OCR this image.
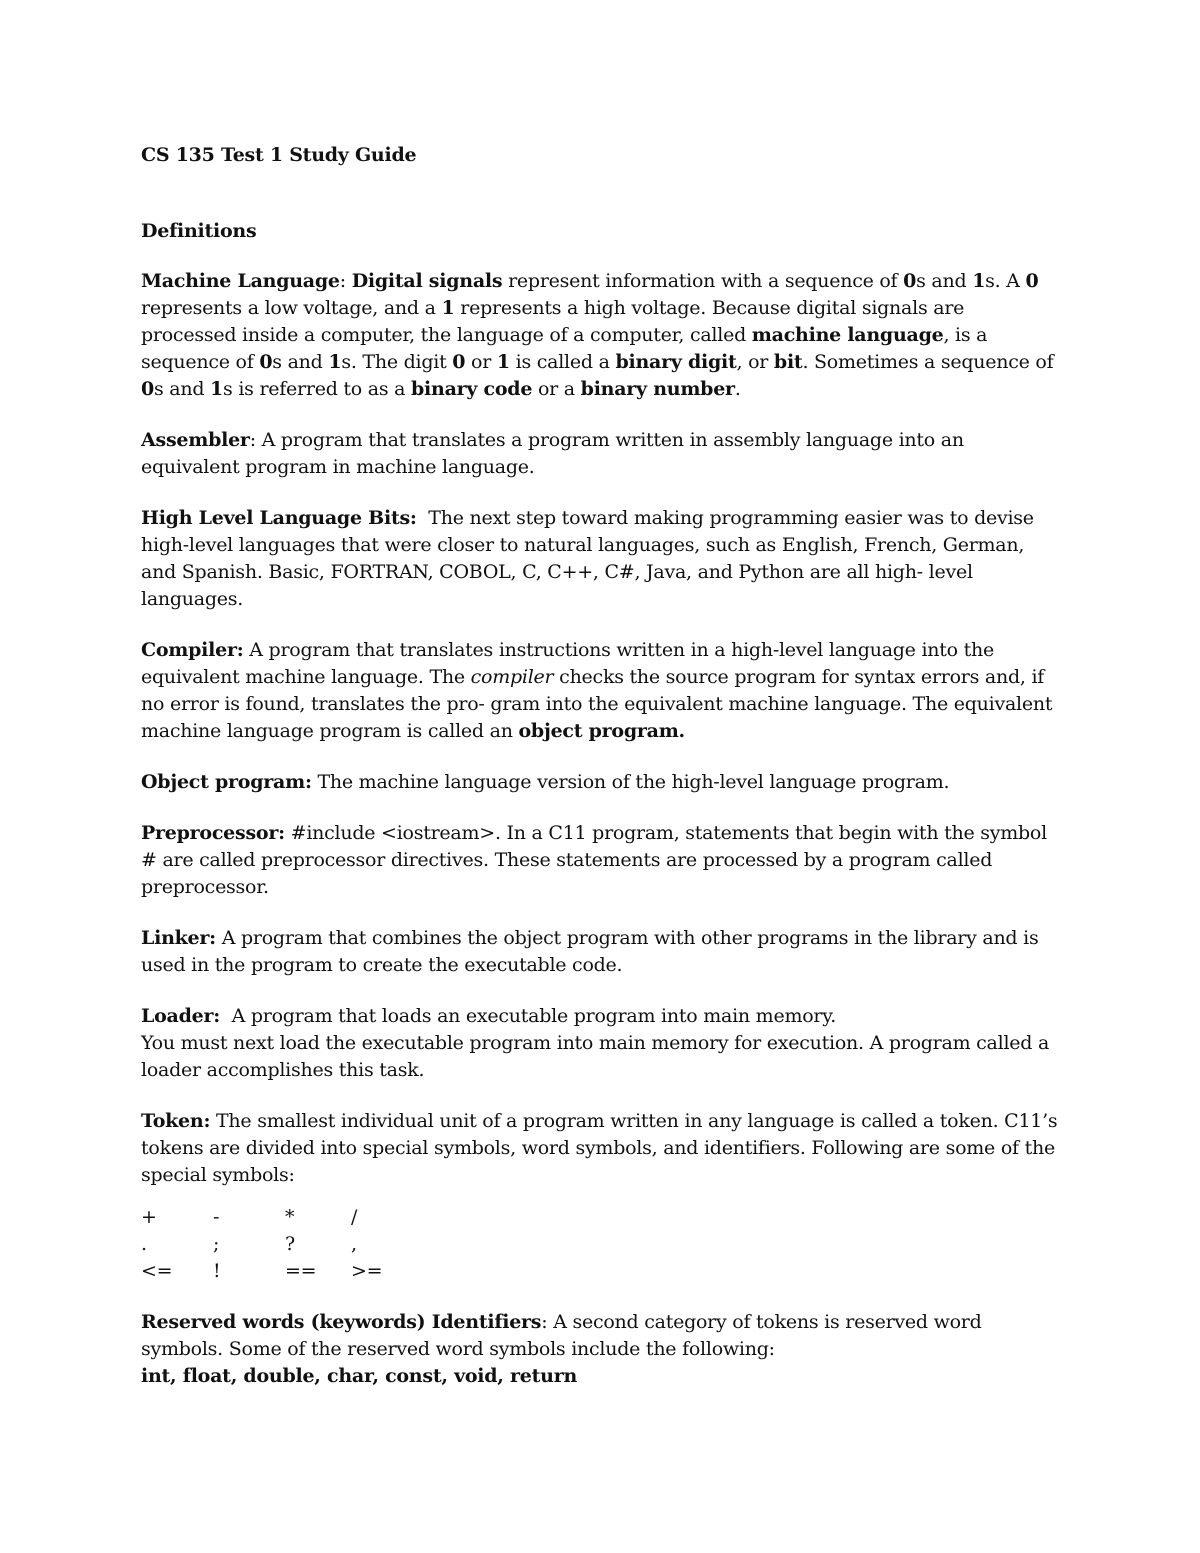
CS 135 Test 1 Study Guide
Definitions

Machine Language: Digital signals represent information with a sequence of 0s and 1s. A 0 represents a low voltage, and a 1 represents a high voltage. Because digital signals are processed inside a computer, the language of a computer, called machine language, is a sequence of 0s and 1s. The digit 0 or 1 is called a binary digit, or bit. Sometimes a sequence of 0s and 1s is referred to as a binary code or a binary number.

Assembler: A program that translates a program written in assembly language into an equivalent program in machine language.

High Level Language Bits:  The next step toward making programming easier was to devise high-level languages that were closer to natural languages, such as English, French, German, and Spanish. Basic, FORTRAN, COBOL, C, C++, C#, Java, and Python are all high- level languages.

Compiler: A program that translates instructions written in a high-level language into the equivalent machine language. The compiler checks the source program for syntax errors and, if no error is found, translates the pro- gram into the equivalent machine language. The equivalent machine language program is called an object program.

Object program: The machine language version of the high-level language program.

Preprocessor: #include <iostream>. In a C11 program, statements that begin with the symbol # are called preprocessor directives. These statements are processed by a program called preprocessor.

Linker: A program that combines the object program with other programs in the library and is used in the program to create the executable code.

Loader:  A program that loads an executable program into main memory.
You must next load the executable program into main memory for execution. A program called a loader accomplishes this task.

Token: The smallest individual unit of a program written in any language is called a token. C11’s tokens are divided into special symbols, word symbols, and identifiers. Following are some of the special symbols:

+	-	*	/
.	;	?	,
<=	!	==	>=

Reserved words (keywords) Identifiers: A second category of tokens is reserved word symbols. Some of the reserved word symbols include the following:
int, float, double, char, const, void, return
